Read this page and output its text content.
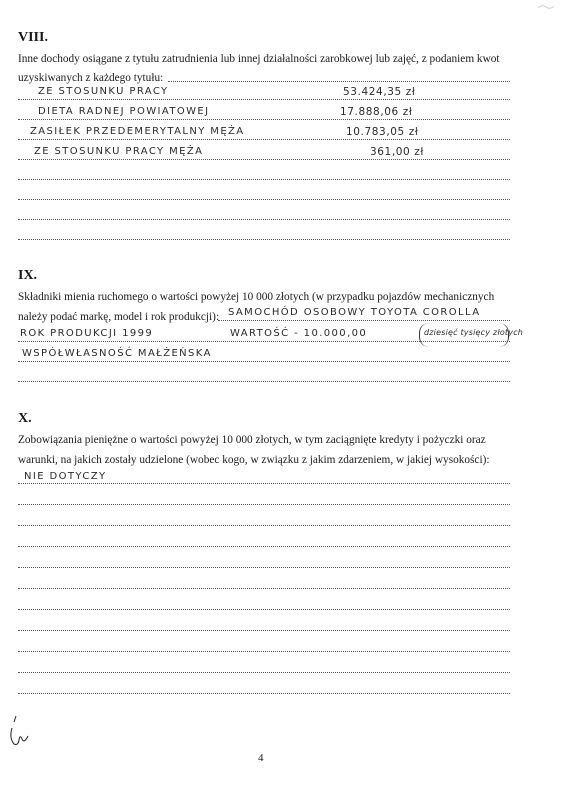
VIII.
Inne dochody osiągane z tytułu zatrudnienia lub innej działalności zarobkowej lub zajęć, z podaniem kwot
uzyskiwanych z każdego tytułu:
ZE STOSUNKU PRACY	53.424,35 zł
DIETA RADNEJ POWIATOWEJ	17.888,06 zł
ZASIŁEK PRZEDEMERYTALNY MĘŻA	10.783,05 zł
ZE STOSUNKU PRACY MĘŻA	361,00 zł
IX.
Składniki mienia ruchomego o wartości powyżej 10 000 złotych (w przypadku pojazdów mechanicznych
należy podać markę, model i rok produkcji): SAMOCHÓD OSOBOWY TOYOTA COROLLA
ROK PRODUKCJI 1999	WARTOŚĆ - 10.000,00	dziesięć tysięcy złotych
WSPÓŁWŁASNOŚĆ MAŁŻEŃSKA
X.
Zobowiązania pieniężne o wartości powyżej 10 000 złotych, w tym zaciągnięte kredyty i pożyczki oraz
warunki, na jakich zostały udzielone (wobec kogo, w związku z jakim zdarzeniem, w jakiej wysokości):
NIE DOTYCZY
4
